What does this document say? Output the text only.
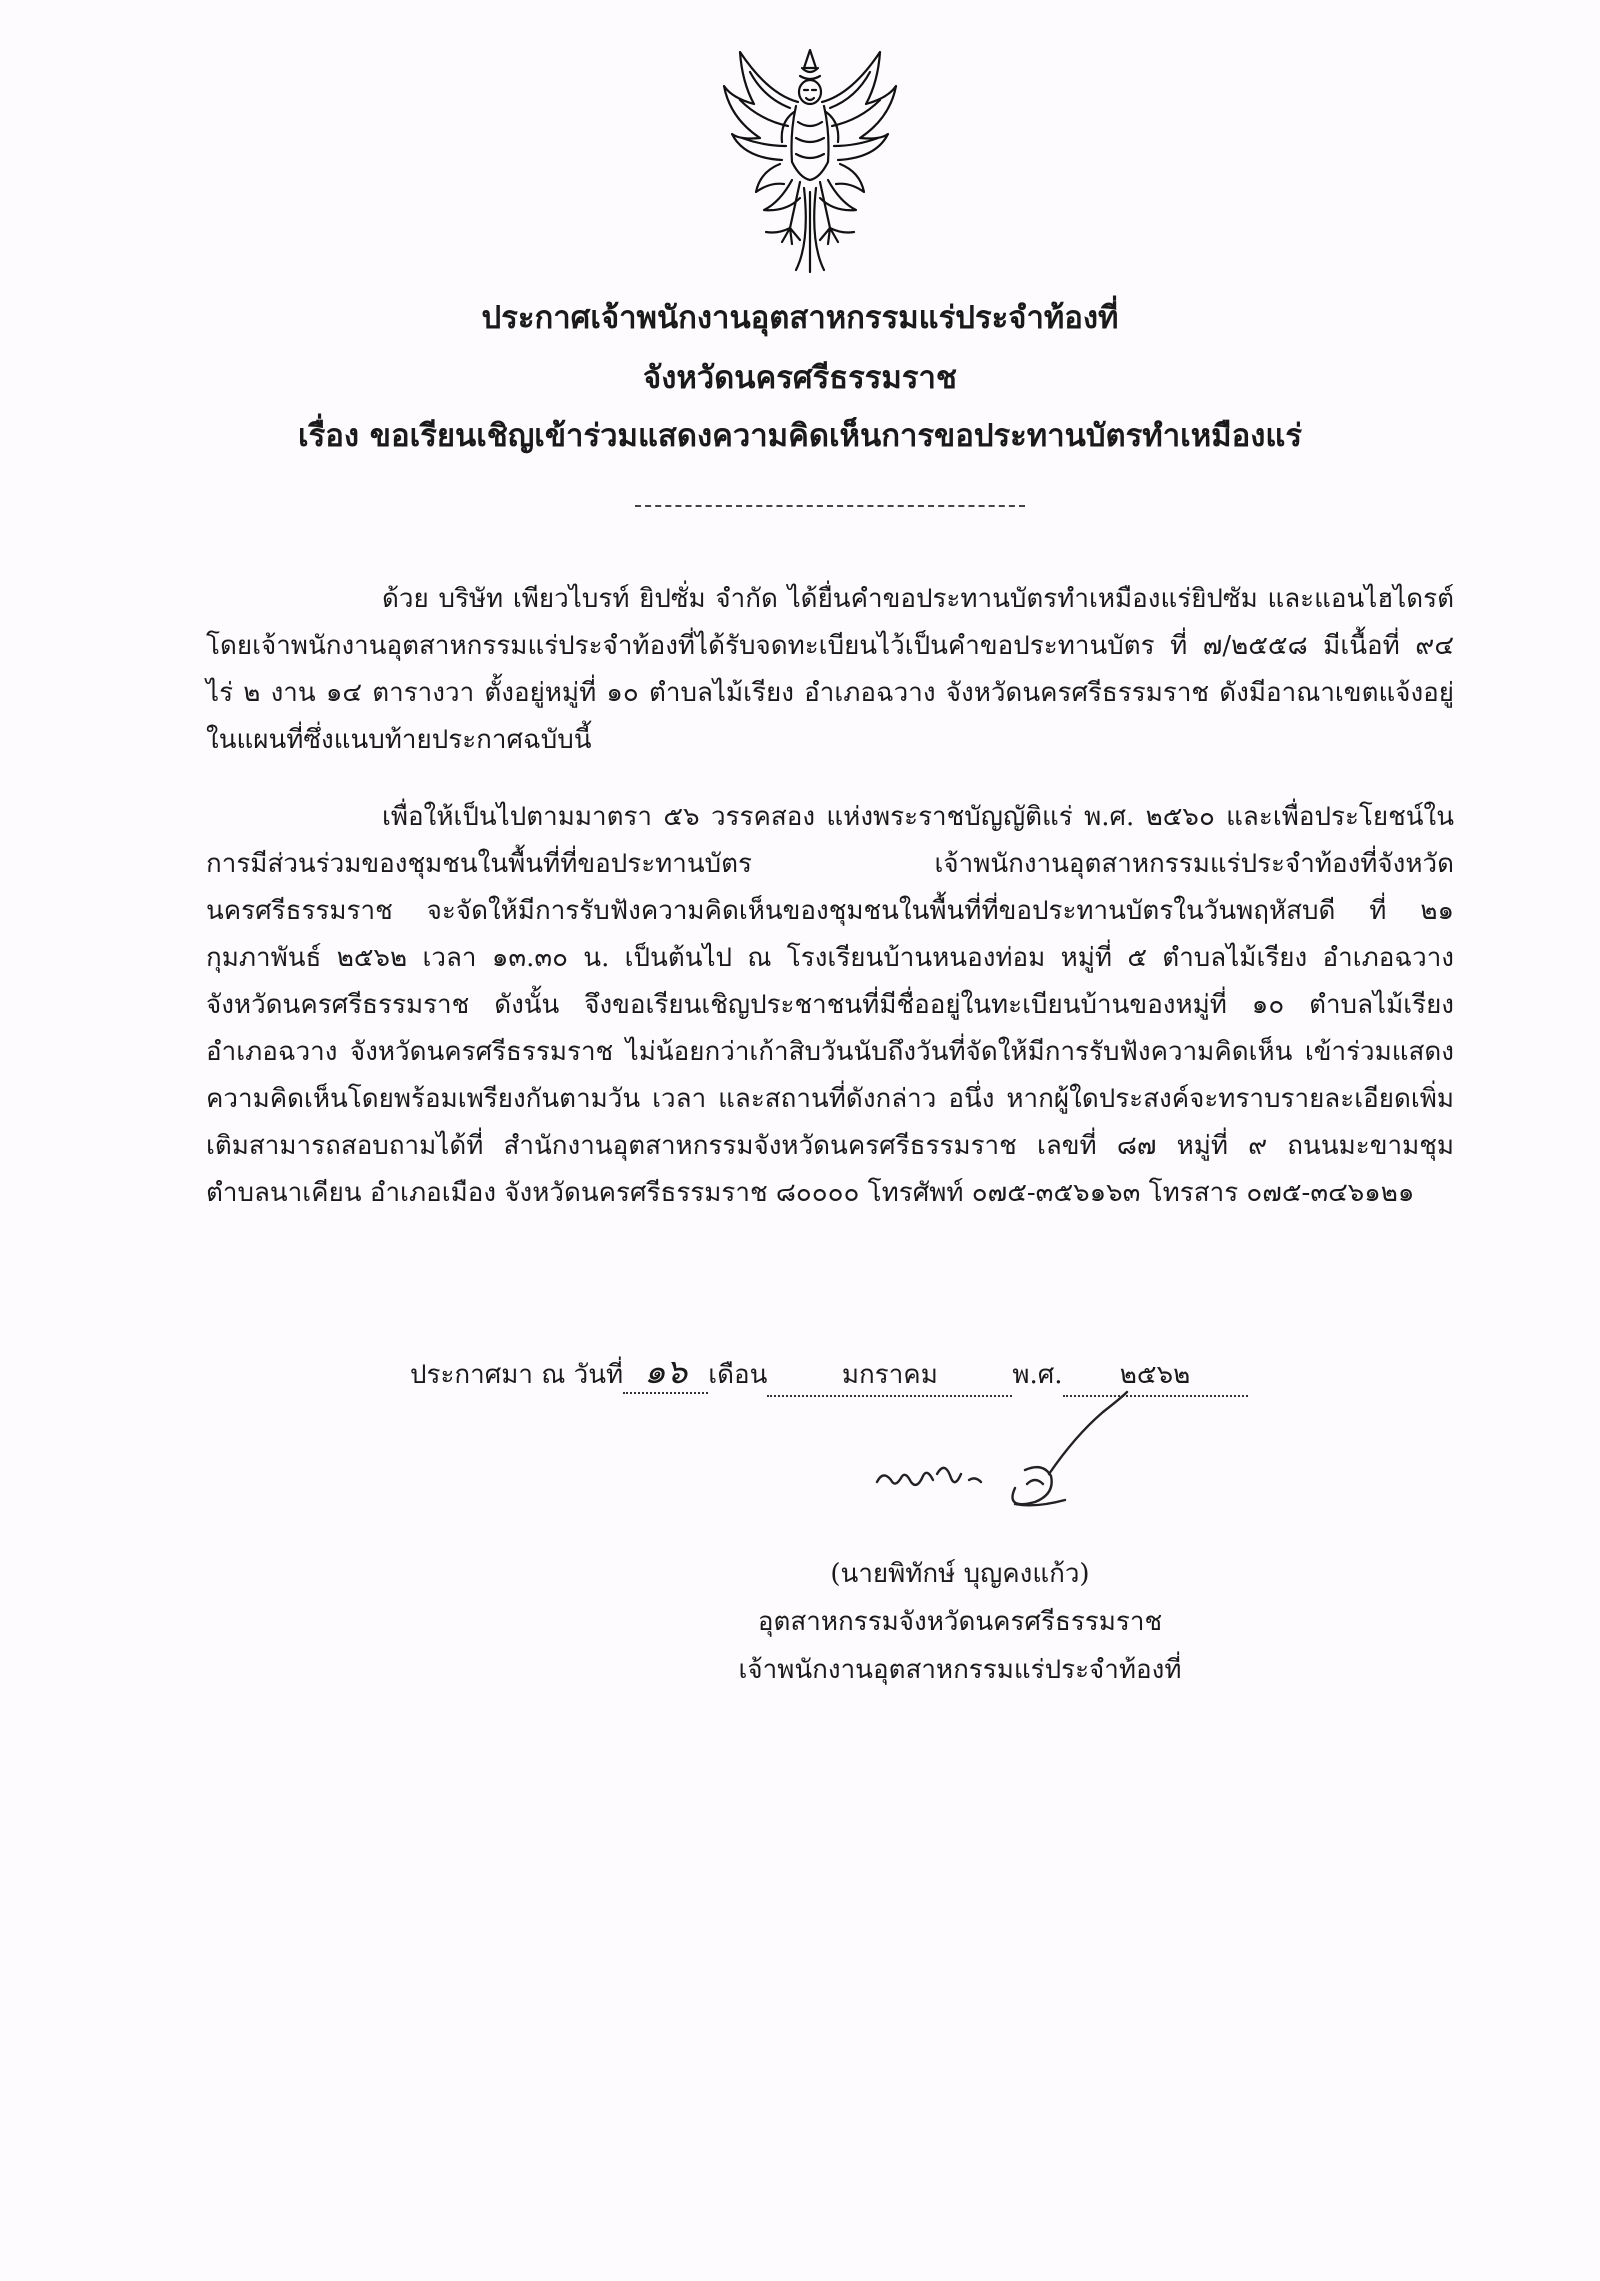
ประกาศเจ้าพนักงานอุตสาหกรรมแร่ประจำท้องที่
จังหวัดนครศรีธรรมราช
เรื่อง ขอเรียนเชิญเข้าร่วมแสดงความคิดเห็นการขอประทานบัตรทำเหมืองแร่

ด้วย บริษัท เพียวไบรท์ ยิปซั่ม จำกัด ได้ยื่นคำขอประทานบัตรทำเหมืองแร่ยิปซัม และแอนไฮไดรต์ โดยเจ้าพนักงานอุตสาหกรรมแร่ประจำท้องที่ได้รับจดทะเบียนไว้เป็นคำขอประทานบัตร ที่ ๗/๒๕๕๘ มีเนื้อที่ ๙๔ ไร่ ๒ งาน ๑๔ ตารางวา ตั้งอยู่หมู่ที่ ๑๐ ตำบลไม้เรียง อำเภอฉวาง จังหวัดนครศรีธรรมราช ดังมีอาณาเขตแจ้งอยู่ในแผนที่ซึ่งแนบท้ายประกาศฉบับนี้

เพื่อให้เป็นไปตามมาตรา ๕๖ วรรคสอง แห่งพระราชบัญญัติแร่ พ.ศ. ๒๕๖๐ และเพื่อประโยชน์ในการมีส่วนร่วมของชุมชนในพื้นที่ที่ขอประทานบัตร เจ้าพนักงานอุตสาหกรรมแร่ประจำท้องที่จังหวัดนครศรีธรรมราช จะจัดให้มีการรับฟังความคิดเห็นของชุมชนในพื้นที่ที่ขอประทานบัตรในวันพฤหัสบดี ที่ ๒๑ กุมภาพันธ์ ๒๕๖๒ เวลา ๑๓.๓๐ น. เป็นต้นไป ณ โรงเรียนบ้านหนองท่อม หมู่ที่ ๕ ตำบลไม้เรียง อำเภอฉวาง จังหวัดนครศรีธรรมราช ดังนั้น จึงขอเรียนเชิญประชาชนที่มีชื่ออยู่ในทะเบียนบ้านของหมู่ที่ ๑๐ ตำบลไม้เรียง อำเภอฉวาง จังหวัดนครศรีธรรมราช ไม่น้อยกว่าเก้าสิบวันนับถึงวันที่จัดให้มีการรับฟังความคิดเห็น เข้าร่วมแสดงความคิดเห็นโดยพร้อมเพรียงกันตามวัน เวลา และสถานที่ดังกล่าว อนึ่ง หากผู้ใดประสงค์จะทราบรายละเอียดเพิ่มเติมสามารถสอบถามได้ที่ สำนักงานอุตสาหกรรมจังหวัดนครศรีธรรมราช เลขที่ ๘๗ หมู่ที่ ๙ ถนนมะขามชุม ตำบลนาเคียน อำเภอเมือง จังหวัดนครศรีธรรมราช ๘๐๐๐๐ โทรศัพท์ ๐๗๕-๓๕๖๑๖๓ โทรสาร ๐๗๕-๓๔๖๑๒๑

ประกาศมา ณ วันที่ ๑๖ เดือน	มกราคม	พ.ศ. ๒๕๖๒
(นายพิทักษ์ บุญคงแก้ว)
อุตสาหกรรมจังหวัดนครศรีธรรมราช
เจ้าพนักงานอุตสาหกรรมแร่ประจำท้องที่
